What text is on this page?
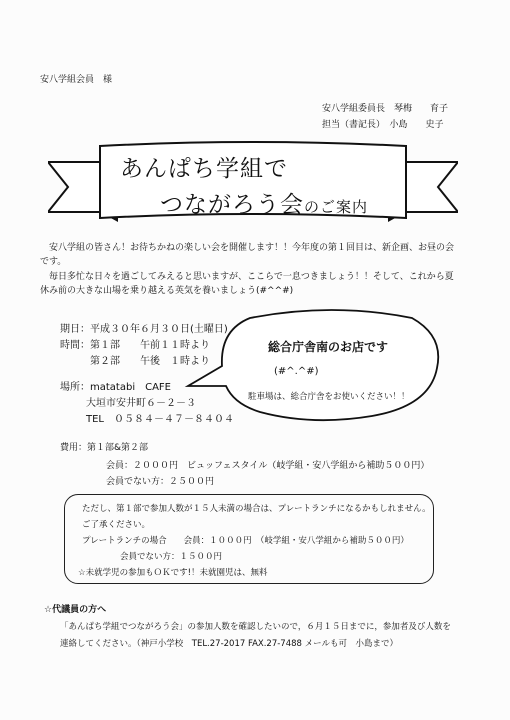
安八学組会員　様
安八学組委員長　琴梅　　育子
担当（書記長）　小島　　史子
あんぱち学組で
つながろう会のご案内
　安八学組の皆さん！お待ちかねの楽しい会を開催します！！今年度の第１回目は、新企画、お昼の会
です。
　毎日多忙な日々を過ごしてみえると思いますが、ここらで一息つきましょう！！そして、これから夏
休み前の大きな山場を乗り越える英気を養いましょう(#^^#)
期日：平成３０年６月３０日(土曜日)
時間：第１部　　午前１１時より
　　　第２部　　午後　１時より
総合庁舎南のお店です
(#^.^#)
駐車場は、総合庁舎をお使いください！！
場所：matatabi　CAFE
大垣市安井町６－２－３
TEL　０５８４－４７－８４０４
費用：第１部&第２部
会員：２０００円　ビュッフェスタイル（岐学組・安八学組から補助５００円）
会員でない方：２５００円
ただし、第１部で参加人数が１５人未満の場合は、プレートランチになるかもしれません。
ご了承ください。
プレートランチの場合　　会員：１０００円　（岐学組・安八学組から補助５００円）
会員でない方：１５００円
☆未就学児の参加もＯＫです!！未就園児は、無料
☆代議員の方へ
「あんぱち学組でつながろう会」の参加人数を確認したいので，６月１５日までに，参加者及び人数を
連絡してください。（神戸小学校　TEL.27-2017 FAX.27-7488 メールも可　小島まで）
